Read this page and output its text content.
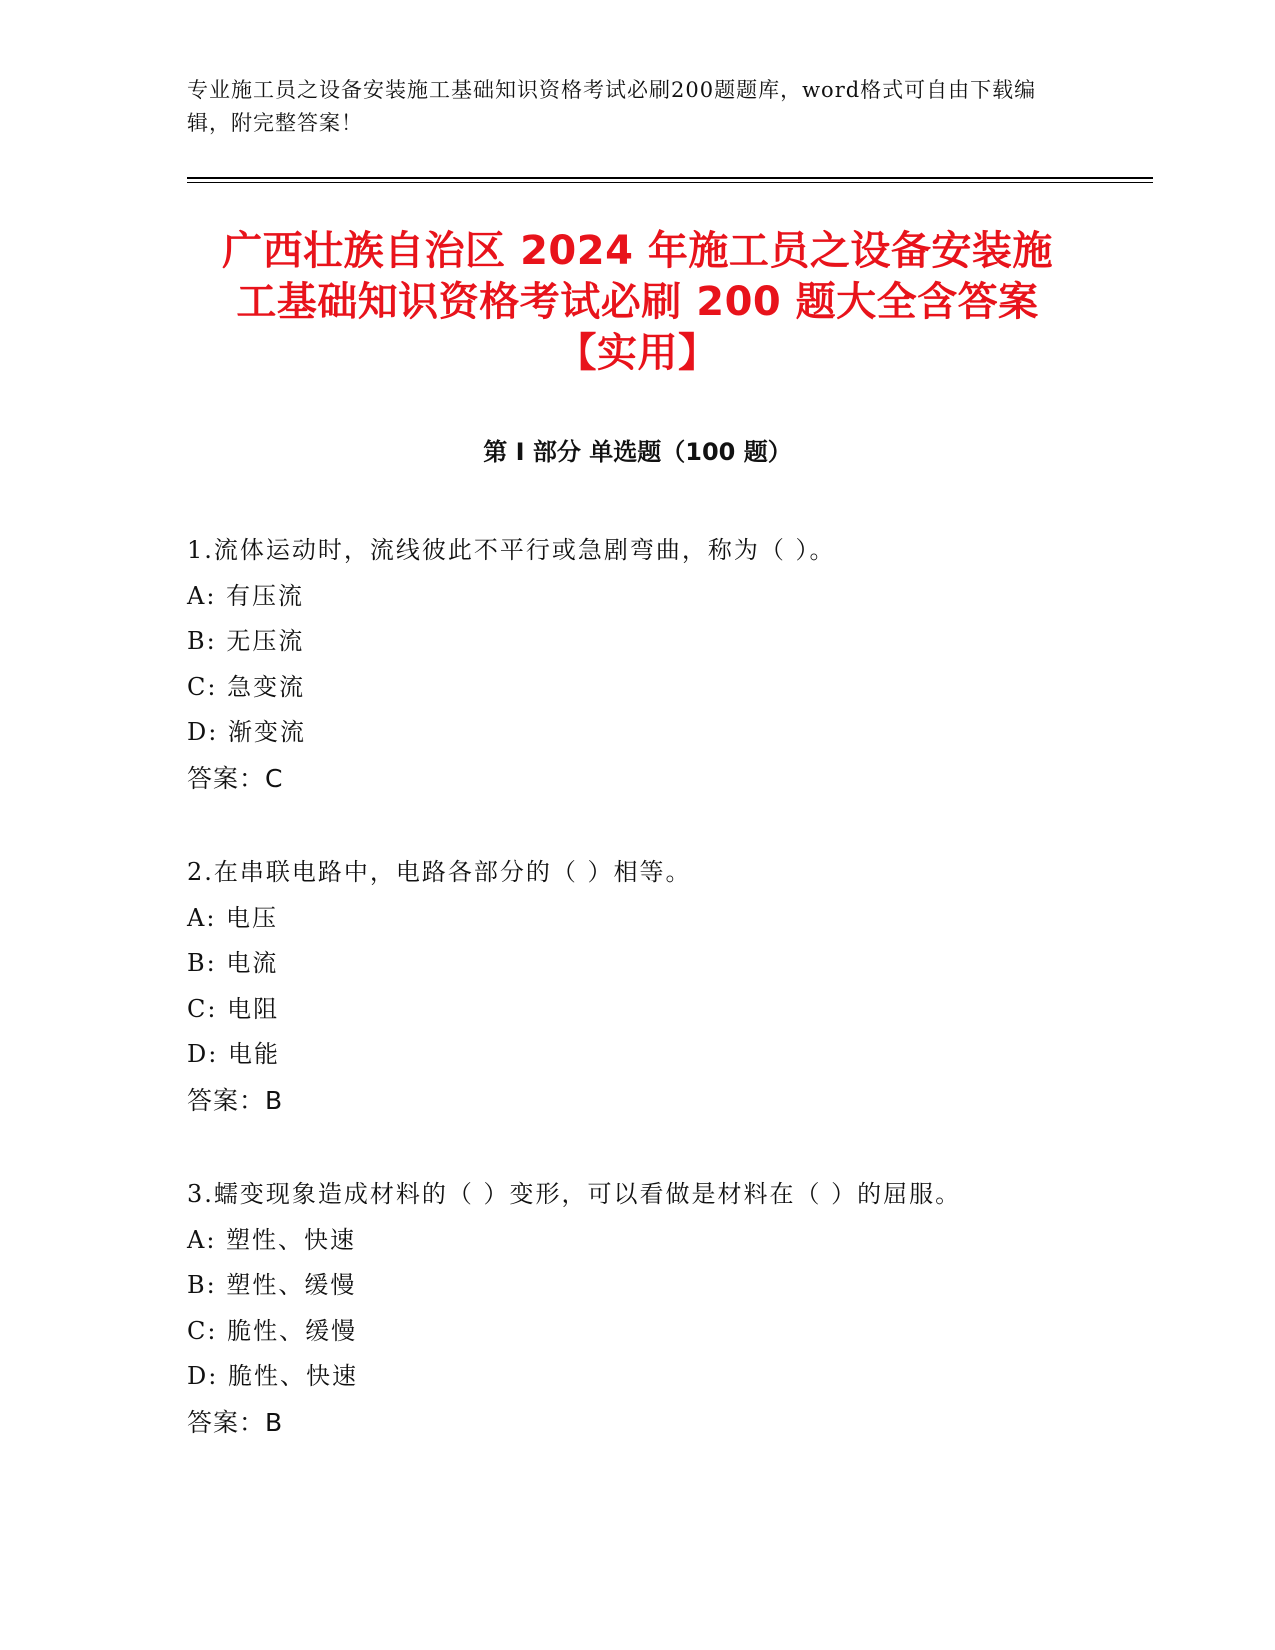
专业施工员之设备安装施工基础知识资格考试必刷200题题库，word格式可自由下载编辑，附完整答案！
广西壮族自治区 2024 年施工员之设备安装施
工基础知识资格考试必刷 200 题大全含答案
【实用】
第 I 部分 单选题（100 题）
1.流体运动时，流线彼此不平行或急剧弯曲，称为（ ）。
A: 有压流
B: 无压流
C: 急变流
D: 渐变流
答案：C
2.在串联电路中，电路各部分的（ ）相等。
A: 电压
B: 电流
C: 电阻
D: 电能
答案：B
3.蠕变现象造成材料的（ ）变形，可以看做是材料在（ ）的屈服。
A: 塑性、快速
B: 塑性、缓慢
C: 脆性、缓慢
D: 脆性、快速
答案：B
